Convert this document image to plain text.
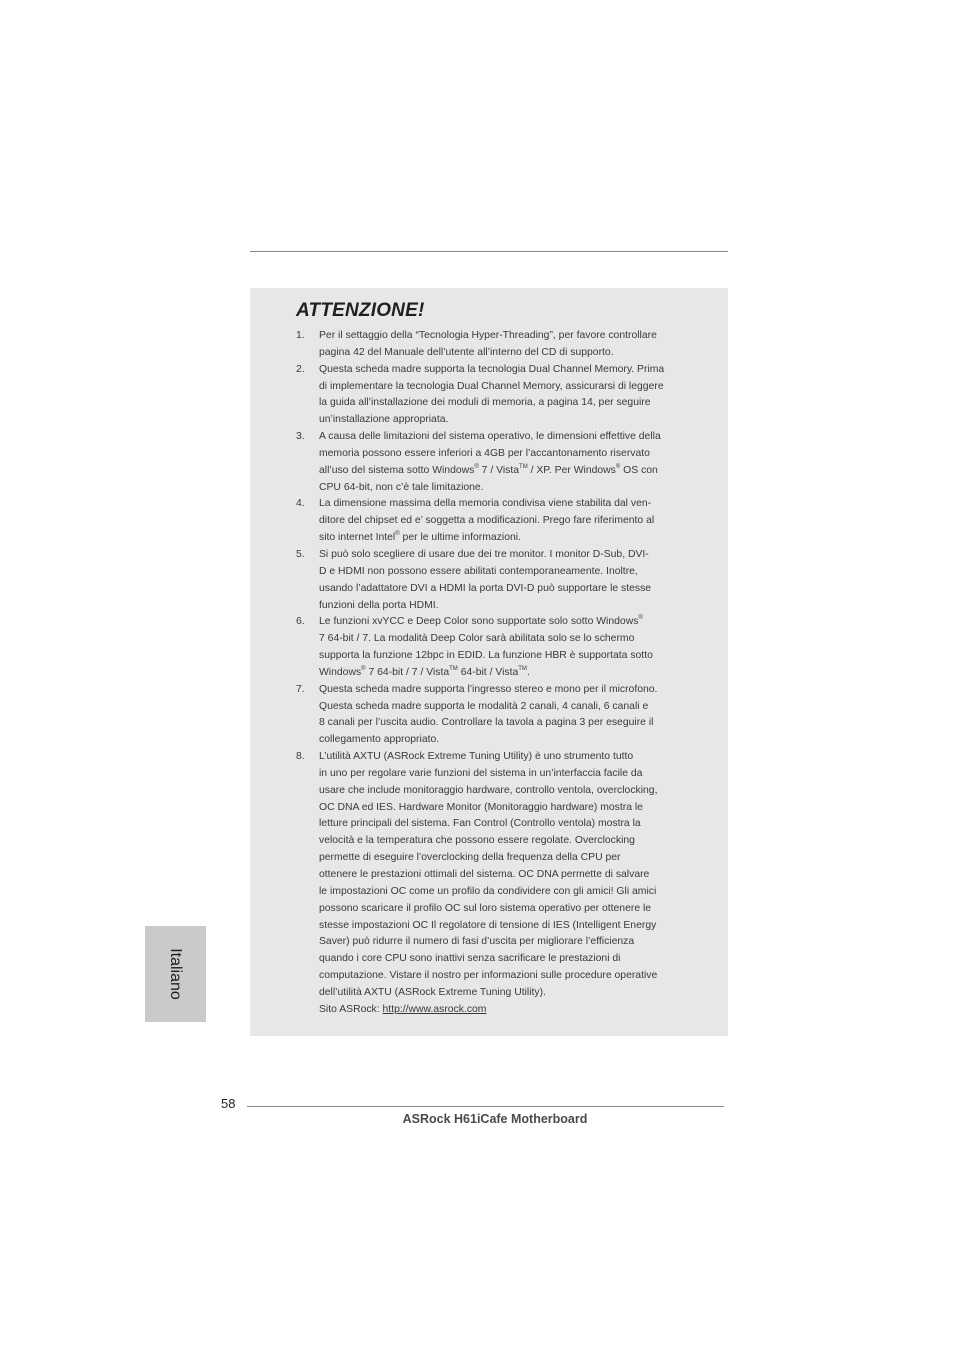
ATTENZIONE!
1. Per il settaggio della “Tecnologia Hyper-Threading”, per favore controllare
pagina 42 del Manuale dell’utente all’interno del CD di supporto.
2. Questa scheda madre supporta la tecnologia Dual Channel Memory. Prima
di implementare la tecnologia Dual Channel Memory, assicurarsi di leggere
la guida all’installazione dei moduli di memoria, a pagina 14, per seguire
un’installazione appropriata.
3. A causa delle limitazioni del sistema operativo, le dimensioni effettive della
memoria possono essere inferiori a 4GB per l’accantonamento riservato
all’uso del sistema sotto Windows® 7 / Vista™ / XP. Per Windows® OS con
CPU 64-bit, non c’è tale limitazione.
4. La dimensione massima della memoria condivisa viene stabilita dal ven-
ditore del chipset ed e’ soggetta a modificazioni. Prego fare riferimento al
sito internet Intel® per le ultime informazioni.
5. Si può solo scegliere di usare due dei tre monitor. I monitor D-Sub, DVI-
D e HDMI non possono essere abilitati contemporaneamente. Inoltre,
usando l’adattatore DVI a HDMI la porta DVI-D può supportare le stesse
funzioni della porta HDMI.
6. Le funzioni xvYCC e Deep Color sono supportate solo sotto Windows®
7 64-bit / 7. La modalità Deep Color sarà abilitata solo se lo schermo
supporta la funzione 12bpc in EDID. La funzione HBR è supportata sotto
Windows® 7 64-bit / 7 / Vista™ 64-bit / Vista™.
7. Questa scheda madre supporta l’ingresso stereo e mono per il microfono.
Questa scheda madre supporta le modalità 2 canali, 4 canali, 6 canali e
8 canali per l’uscita audio. Controllare la tavola a pagina 3 per eseguire il
collegamento appropriato.
8. L’utilità AXTU (ASRock Extreme Tuning Utility) è uno strumento tutto
in uno per regolare varie funzioni del sistema in un’interfaccia facile da
usare che include monitoraggio hardware, controllo ventola, overclocking,
OC DNA ed IES. Hardware Monitor (Monitoraggio hardware) mostra le
letture principali del sistema. Fan Control (Controllo ventola) mostra la
velocità e la temperatura che possono essere regolate. Overclocking
permette di eseguire l’overclocking della frequenza della CPU per
ottenere le prestazioni ottimali del sistema. OC DNA permette di salvare
le impostazioni OC come un profilo da condividere con gli amici! Gli amici
possono scaricare il profilo OC sul loro sistema operativo per ottenere le
stesse impostazioni OC Il regolatore di tensione di IES (Intelligent Energy
Saver) può ridurre il numero di fasi d’uscita per migliorare l’efficienza
quando i core CPU sono inattivi senza sacrificare le prestazioni di
computazione. Vistare il nostro per informazioni sulle procedure operative
dell’utilità AXTU (ASRock Extreme Tuning Utility).
Sito ASRock: http://www.asrock.com
Italiano
58
ASRock H61iCafe Motherboard
